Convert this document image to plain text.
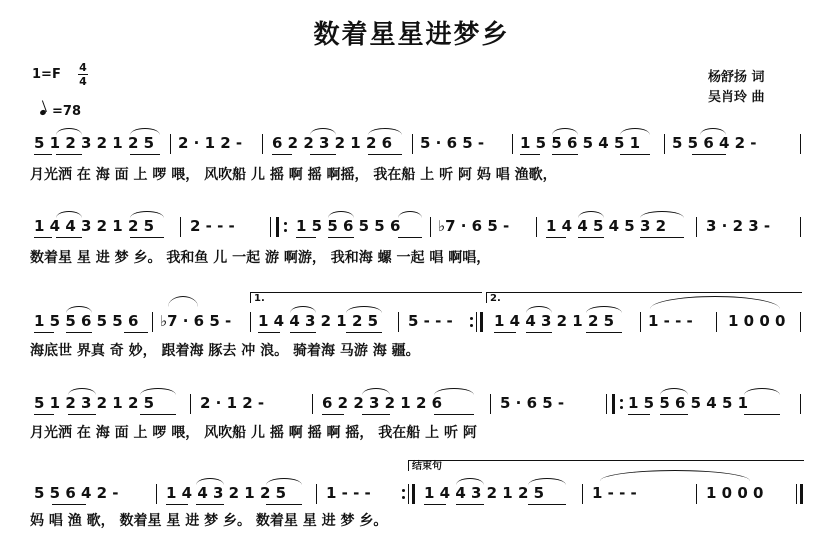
数着星星进梦乡
1=F 4
4
=78
杨舒扬 词
吴肖玲 曲
5 1 2 3 2 1 2 5 2 · 1 2 - 6 2 2 3 2 1 2 6 5 · 6 5 - 1 5 5 6 5 4 5 1 5 5 6 4 2 -
月光洒 在 海 面 上 啰 喂， 风吹船 儿 摇 啊 摇 啊摇， 我在船 上 听 阿 妈 唱 渔歌，
1 4 4 3 2 1 2 5 2 - - -	1 5 5 6 5 5 6	♭7 · 6 5 - 1 4 4 5 4 5 3 2	3 · 2 3 -
数着星 星 进 梦 乡。 我和鱼 儿 一起 游 啊游， 我和海 螺 一起 唱 啊唱，
1.	2.
1 5 5 6 5 5 6 ♭7 · 6 5 - 1 4 4 3 2 1 2 5 5 - - -	1 4 4 3 2 1 2 5 1 - - - 1 0 0 0
海底世 界真 奇 妙， 跟着海 豚去 冲 浪。 骑着海 马游 海 疆。
5 1 2 3 2 1 2 5	2 · 1 2 -	6 2 2 3 2 1 2 6	5 · 6 5 -	1 5 5 6 5 4 5 1
月光洒 在 海 面 上 啰 喂， 风吹船 儿 摇 啊 摇 啊 摇， 我在船 上 听 阿
结束句
5 5 6 4 2 -	1 4 4 3 2 1 2 5	1 - - -	1 4 4 3 2 1 2 5	1 - - -	1 0 0 0
妈 唱 渔 歌， 数着星 星 进 梦 乡。 数着星 星 进 梦 乡。
